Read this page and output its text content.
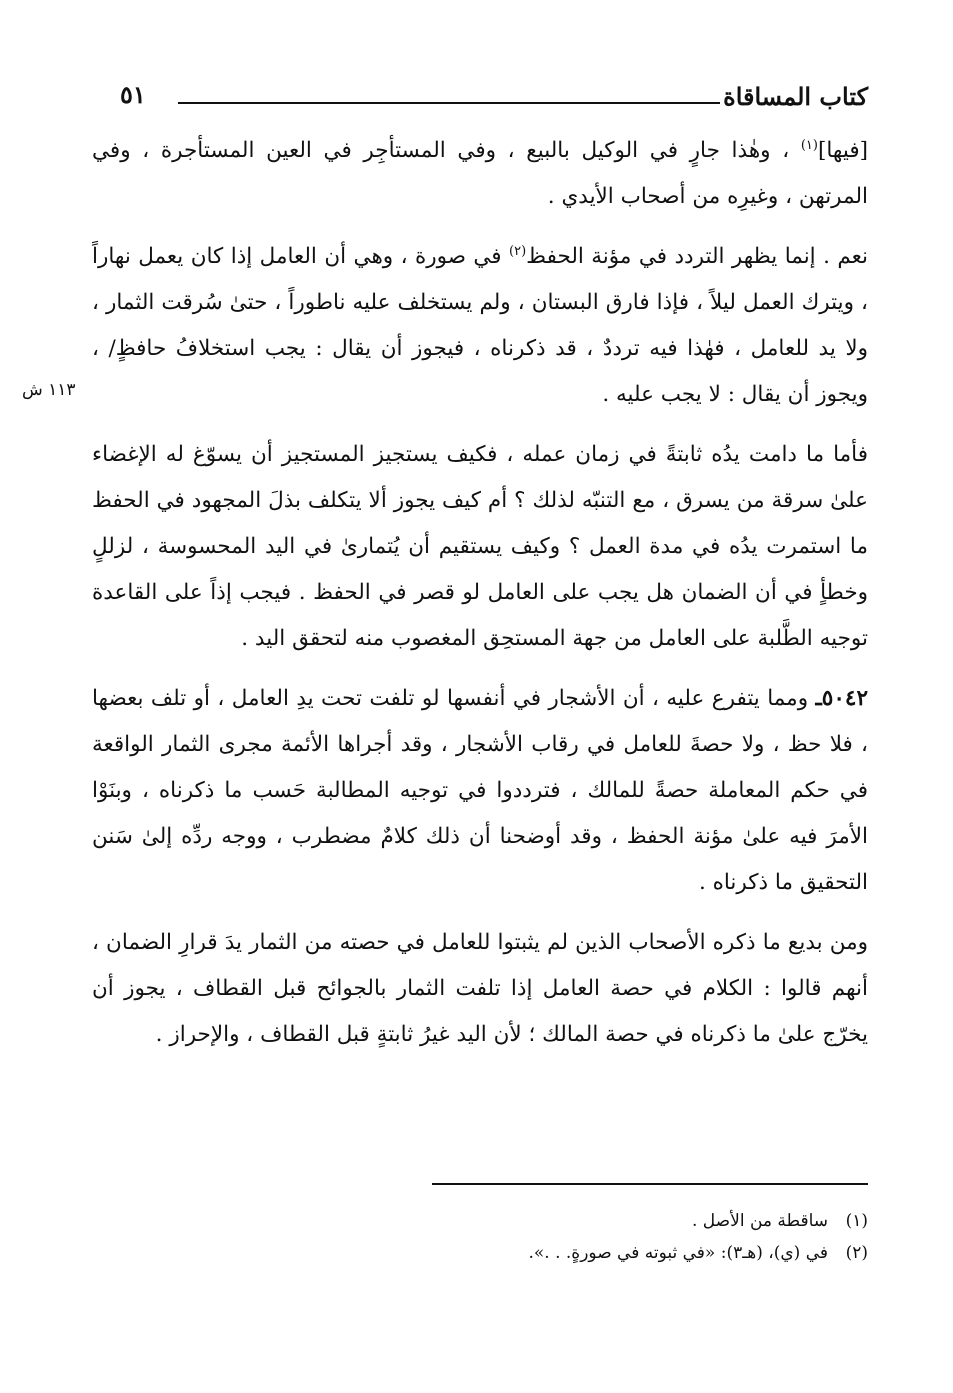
كتاب المساقاة
٥١
١١٣ ش

[فيها]$^{(١)}$ ، وهٰذا جارٍ في الوكيل بالبيع ، وفي المستأجِر في العين المستأجرة ، وفي المرتهن ، وغيرِه من أصحاب الأيدي .

نعم . إنما يظهر التردد في مؤنة الحفظ$^{(٢)}$ في صورة ، وهي أن العامل إذا كان يعمل نهاراً ، ويترك العمل ليلاً ، فإذا فارق البستان ، ولم يستخلف عليه ناطوراً ، حتىٰ سُرقت الثمار ، ولا يد للعامل ، فهٰذا فيه ترددٌ ، قد ذكرناه ، فيجوز أن يقال : يجب استخلافُ حافظٍ/ ، ويجوز أن يقال : لا يجب عليه .

فأما ما دامت يدُه ثابتةً في زمان عمله ، فكيف يستجيز المستجيز أن يسوّغ له الإغضاء علىٰ سرقة من يسرق ، مع التنبّه لذلك ؟ أم كيف يجوز ألا يتكلف بذلَ المجهود في الحفظ ما استمرت يدُه في مدة العمل ؟ وكيف يستقيم أن يُتمارىٰ في اليد المحسوسة ، لزللٍ وخطأٍ في أن الضمان هل يجب على العامل لو قصر في الحفظ . فيجب إذاً على القاعدة توجيه الطَّلبة على العامل من جهة المستحِق المغصوب منه لتحقق اليد .

٥٠٤٢ـ ومما يتفرع عليه ، أن الأشجار في أنفسها لو تلفت تحت يدِ العامل ، أو تلف بعضها ، فلا حظ ، ولا حصةَ للعامل في رقاب الأشجار ، وقد أجراها الأئمة مجرى الثمار الواقعة في حكم المعاملة حصةً للمالك ، فترددوا في توجيه المطالبة حَسب ما ذكرناه ، وبنَوْا الأمرَ فيه علىٰ مؤنة الحفظ ، وقد أوضحنا أن ذلك كلامٌ مضطرب ، ووجه ردِّه إلىٰ سَنن التحقيق ما ذكرناه .

ومن بديع ما ذكره الأصحاب الذين لم يثبتوا للعامل في حصته من الثمار يدَ قرارِ الضمان ، أنهم قالوا : الكلام في حصة العامل إذا تلفت الثمار بالجوائح قبل القطاف ، يجوز أن يخرّج علىٰ ما ذكرناه في حصة المالك ؛ لأن اليد غيرُ ثابتةٍ قبل القطاف ، والإحراز .

(١)ساقطة من الأصل .
(٢)في (ي)، (هـ٣): «في ثبوته في صورةٍ. . .».
